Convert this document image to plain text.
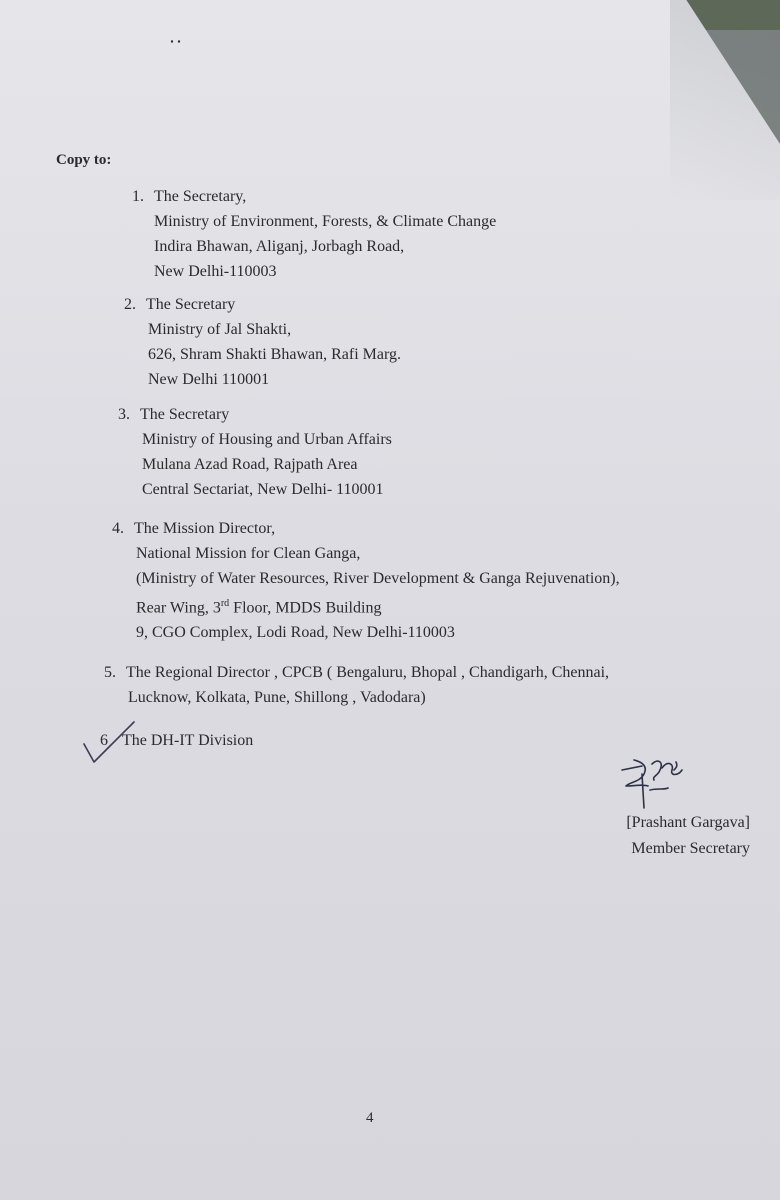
Copy to:
1. The Secretary,
Ministry of Environment, Forests, & Climate Change
Indira Bhawan, Aliganj, Jorbagh Road,
New Delhi-110003
2. The Secretary
Ministry of Jal Shakti,
626, Shram Shakti Bhawan, Rafi Marg.
New Delhi 110001
3. The Secretary
Ministry of Housing and Urban Affairs
Mulana Azad Road, Rajpath Area
Central Sectariat, New Delhi- 110001
4. The Mission Director,
National Mission for Clean Ganga,
(Ministry of Water Resources, River Development & Ganga Rejuvenation),
Rear Wing, 3rd Floor, MDDS Building
9, CGO Complex, Lodi Road, New Delhi-110003
5. The Regional Director , CPCB ( Bengaluru, Bhopal , Chandigarh, Chennai,
Lucknow, Kolkata, Pune, Shillong , Vadodara)
6 The DH-IT Division
[Prashant Gargava]
Member Secretary
4
